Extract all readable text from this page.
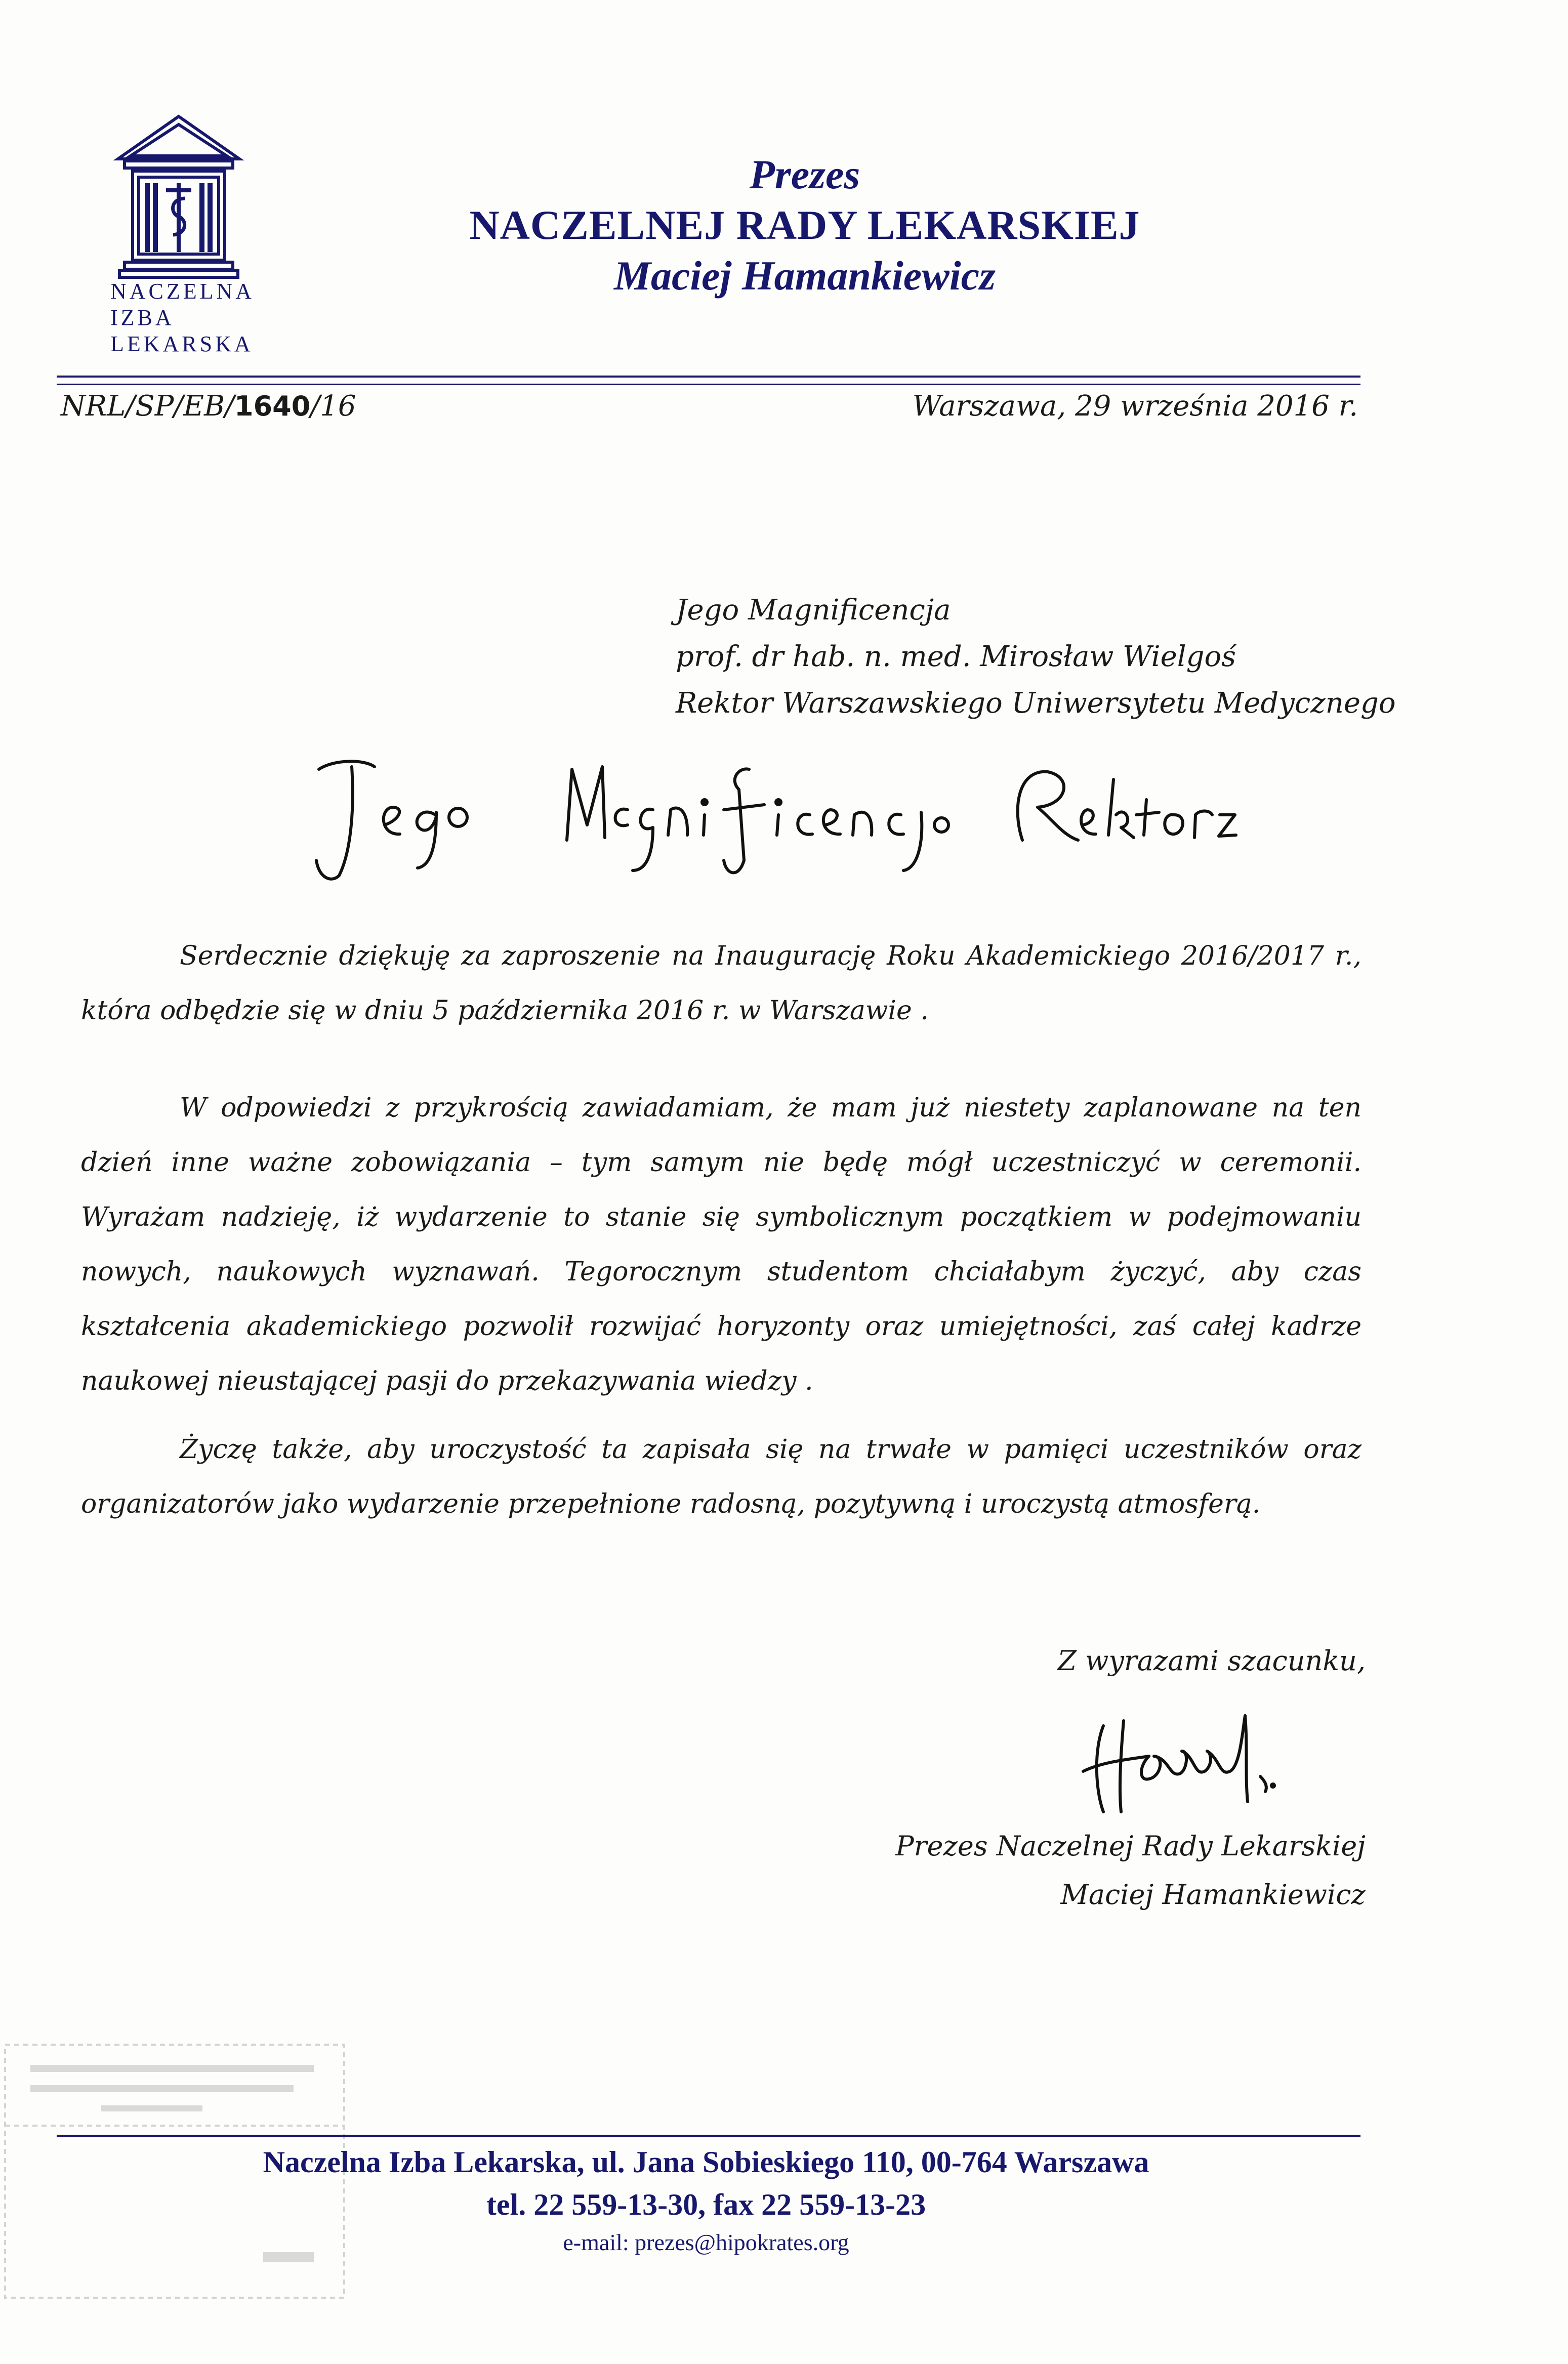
NACZELNA
IZBA LEKARSKA
Prezes
NACZELNEJ RADY LEKARSKIEJ
Maciej Hamankiewicz
NRL/SP/EB/1640/16	Warszawa, 29 września 2016 r.
Jego Magnificencja
prof. dr hab. n. med. Mirosław Wielgoś
Rektor Warszawskiego Uniwersytetu Medycznego

Serdecznie dziękuję za zaproszenie na Inaugurację Roku Akademickiego 2016/2017 r., która odbędzie się w dniu 5 października 2016 r. w Warszawie .

W odpowiedzi z przykrością zawiadamiam, że mam już niestety zaplanowane na ten dzień inne ważne zobowiązania – tym samym nie będę mógł uczestniczyć w ceremonii. Wyrażam nadzieję, iż wydarzenie to stanie się symbolicznym początkiem w podejmowaniu nowych, naukowych wyznawań. Tegorocznym studentom chciałabym życzyć, aby czas kształcenia akademickiego pozwolił rozwijać horyzonty oraz umiejętności, zaś całej kadrze naukowej nieustającej pasji do przekazywania wiedzy .

Życzę także, aby uroczystość ta zapisała się na trwałe w pamięci uczestników oraz organizatorów jako wydarzenie przepełnione radosną, pozytywną i uroczystą atmosferą.

Z wyrazami szacunku,
Prezes Naczelnej Rady Lekarskiej
Maciej Hamankiewicz
Naczelna Izba Lekarska, ul. Jana Sobieskiego 110, 00-764 Warszawa
tel. 22 559-13-30, fax 22 559-13-23
e-mail: prezes@hipokrates.org
